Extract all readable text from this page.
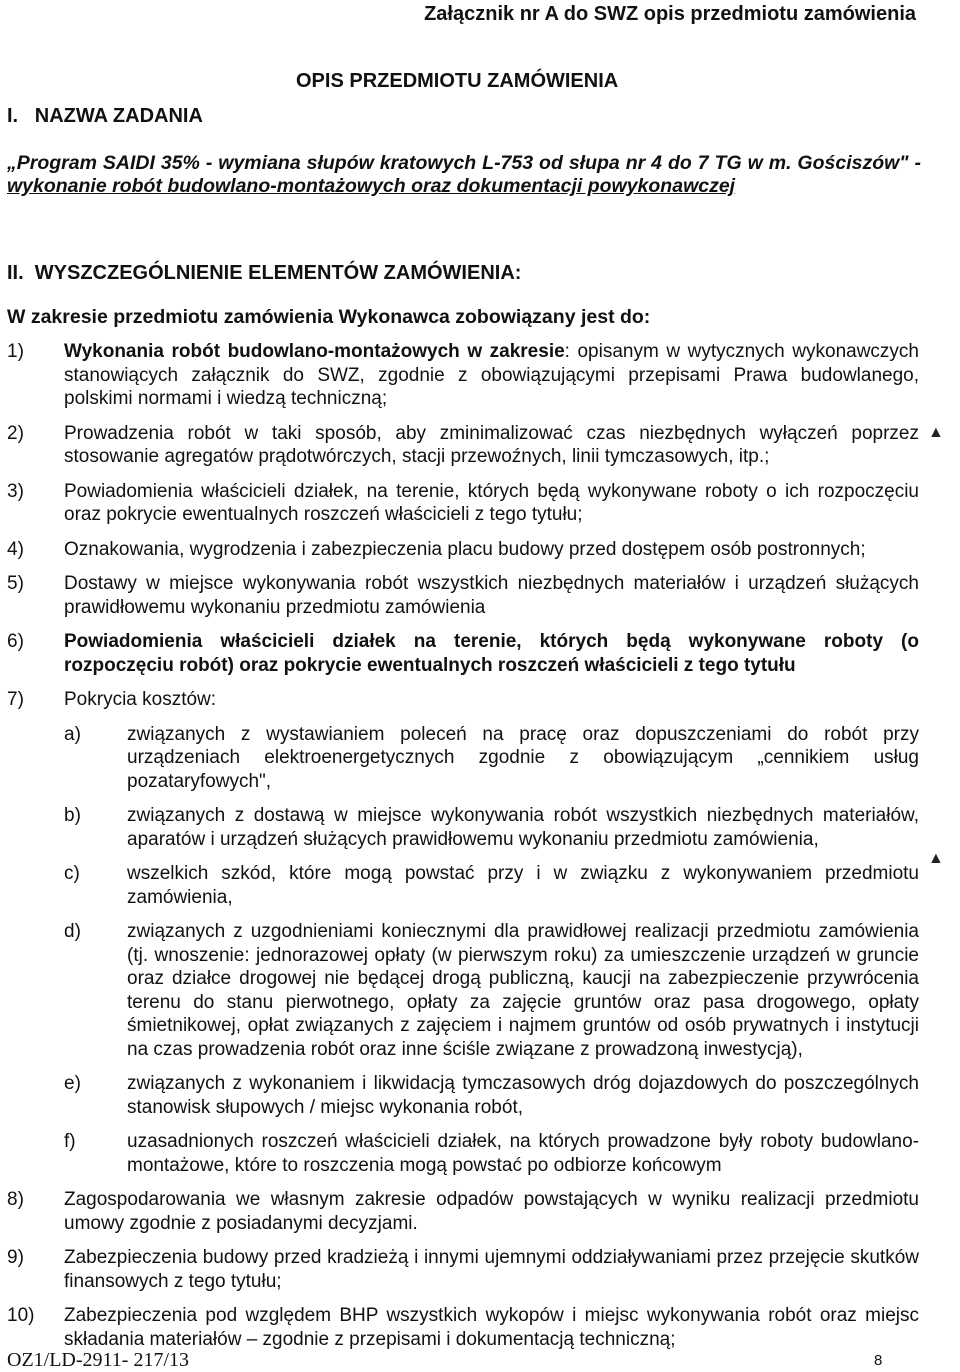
Załącznik nr A do SWZ opis przedmiotu zamówienia
OPIS PRZEDMIOTU ZAMÓWIENIA
I.   NAZWA ZADANIA
„Program SAIDI 35% - wymiana słupów kratowych L-753 od słupa nr 4 do 7 TG w m. Gościszów" - wykonanie robót budowlano-montażowych oraz dokumentacji powykonawczej
II.  WYSZCZEGÓLNIENIE ELEMENTÓW ZAMÓWIENIA:
W zakresie przedmiotu zamówienia Wykonawca zobowiązany jest do:
1) Wykonania robót budowlano-montażowych w zakresie: opisanym w wytycznych wykonawczych stanowiących załącznik do SWZ, zgodnie z obowiązującymi przepisami Prawa budowlanego, polskimi normami i wiedzą techniczną;
2) Prowadzenia robót w taki sposób, aby zminimalizować czas niezbędnych wyłączeń poprzez stosowanie agregatów prądotwórczych, stacji przewoźnych, linii tymczasowych, itp.;
3) Powiadomienia właścicieli działek, na terenie, których będą wykonywane roboty o ich rozpoczęciu oraz pokrycie ewentualnych roszczeń właścicieli z tego tytułu;
4) Oznakowania, wygrodzenia i zabezpieczenia placu budowy przed dostępem osób postronnych;
5) Dostawy w miejsce wykonywania robót wszystkich niezbędnych materiałów i urządzeń służących prawidłowemu wykonaniu przedmiotu zamówienia
6) Powiadomienia właścicieli działek na terenie, których będą wykonywane roboty (o rozpoczęciu robót) oraz pokrycie ewentualnych roszczeń właścicieli z tego tytułu
7) Pokrycia kosztów:
a) związanych z wystawianiem poleceń na pracę oraz dopuszczeniami do robót przy urządzeniach elektroenergetycznych zgodnie z obowiązującym „cennikiem usług pozataryfowych",
b) związanych z dostawą w miejsce wykonywania robót wszystkich niezbędnych materiałów, aparatów i urządzeń służących prawidłowemu wykonaniu przedmiotu zamówienia,
c) wszelkich szkód, które mogą powstać przy i w związku z wykonywaniem przedmiotu zamówienia,
d) związanych z uzgodnieniami koniecznymi dla prawidłowej realizacji przedmiotu zamówienia (tj. wnoszenie: jednorazowej opłaty (w pierwszym roku) za umieszczenie urządzeń w gruncie oraz działce drogowej nie będącej drogą publiczną, kaucji na zabezpieczenie przywrócenia terenu do stanu pierwotnego, opłaty za zajęcie gruntów oraz pasa drogowego, opłaty śmietnikowej, opłat związanych z zajęciem i najmem gruntów od osób prywatnych i instytucji na czas prowadzenia robót oraz inne ściśle związane z prowadzoną inwestycją),
e) związanych z wykonaniem i likwidacją tymczasowych dróg dojazdowych do poszczególnych stanowisk słupowych / miejsc wykonania robót,
f)	uzasadnionych roszczeń właścicieli działek, na których prowadzone były roboty budowlano-montażowe, które to roszczenia mogą powstać po odbiorze końcowym
8) Zagospodarowania we własnym zakresie odpadów powstających w wyniku realizacji przedmiotu umowy zgodnie z posiadanymi decyzjami.
9) Zabezpieczenia budowy przed kradzieżą i innymi ujemnymi oddziaływaniami przez przejęcie skutków finansowych z tego tytułu;
10) Zabezpieczenia pod względem BHP wszystkich wykopów i miejsc wykonywania robót oraz miejsc składania materiałów – zgodnie z przepisami i dokumentacją techniczną;
▲
▲
OZ1/LD-2911- 217/13	8
